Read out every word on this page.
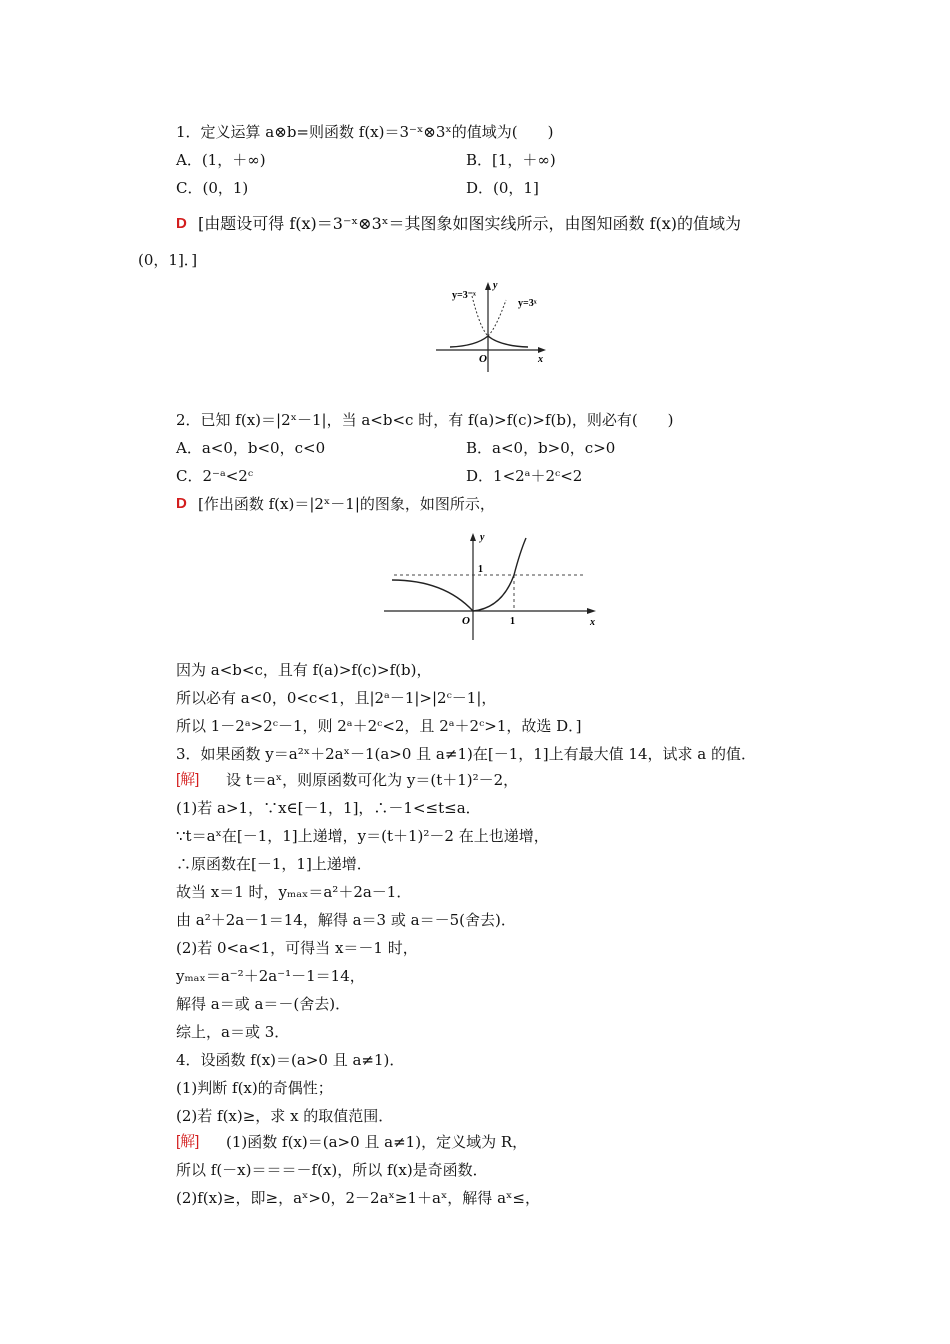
1．定义运算 a⊗b=则函数 f(x)＝3⁻ˣ⊗3ˣ的值域为(　　)
A．(1，＋∞)	B．[1，＋∞)
C．(0，1)	D．(0，1]
D [由题设可得 f(x)＝3⁻ˣ⊗3ˣ＝其图象如图实线所示，由图知函数 f(x)的值域为
(0，1]．]
y=3⁻ˣ
y=3ˣ
y
x
O
2．已知 f(x)＝|2ˣ－1|，当 a<b<c 时，有 f(a)>f(c)>f(b)，则必有(　　)
A．a<0，b<0，c<0	B．a<0，b>0，c>0
C．2⁻ᵃ<2ᶜ	D．1<2ᵃ＋2ᶜ<2
D [作出函数 f(x)＝|2ˣ－1|的图象，如图所示，
y
x
O	1
1
因为 a<b<c，且有 f(a)>f(c)>f(b)，
所以必有 a<0，0<c<1，且|2ᵃ－1|>|2ᶜ－1|，
所以 1－2ᵃ>2ᶜ－1，则 2ᵃ＋2ᶜ<2，且 2ᵃ＋2ᶜ>1，故选 D．]
3．如果函数 y＝a²ˣ＋2aˣ－1(a>0 且 a≠1)在[－1，1]上有最大值 14，试求 a 的值．
[解] 设 t＝aˣ，则原函数可化为 y＝(t＋1)²－2，
(1)若 a>1，∵x∈[－1，1]，∴－1<≤t≤a．
∵t＝aˣ在[－1，1]上递增，y＝(t＋1)²－2 在上也递增，
∴原函数在[－1，1]上递增．
故当 x＝1 时，yₘₐₓ＝a²＋2a－1．
由 a²＋2a－1＝14，解得 a＝3 或 a＝－5(舍去)．
(2)若 0<a<1，可得当 x＝－1 时，
yₘₐₓ＝a⁻²＋2a⁻¹－1＝14，
解得 a＝或 a＝－(舍去)．
综上，a＝或 3．
4．设函数 f(x)＝(a>0 且 a≠1)．
(1)判断 f(x)的奇偶性；
(2)若 f(x)≥，求 x 的取值范围．
[解] (1)函数 f(x)＝(a>0 且 a≠1)，定义域为 R，
所以 f(－x)＝＝＝－f(x)，所以 f(x)是奇函数．
(2)f(x)≥，即≥，aˣ>0，2－2aˣ≥1＋aˣ，解得 aˣ≤，
